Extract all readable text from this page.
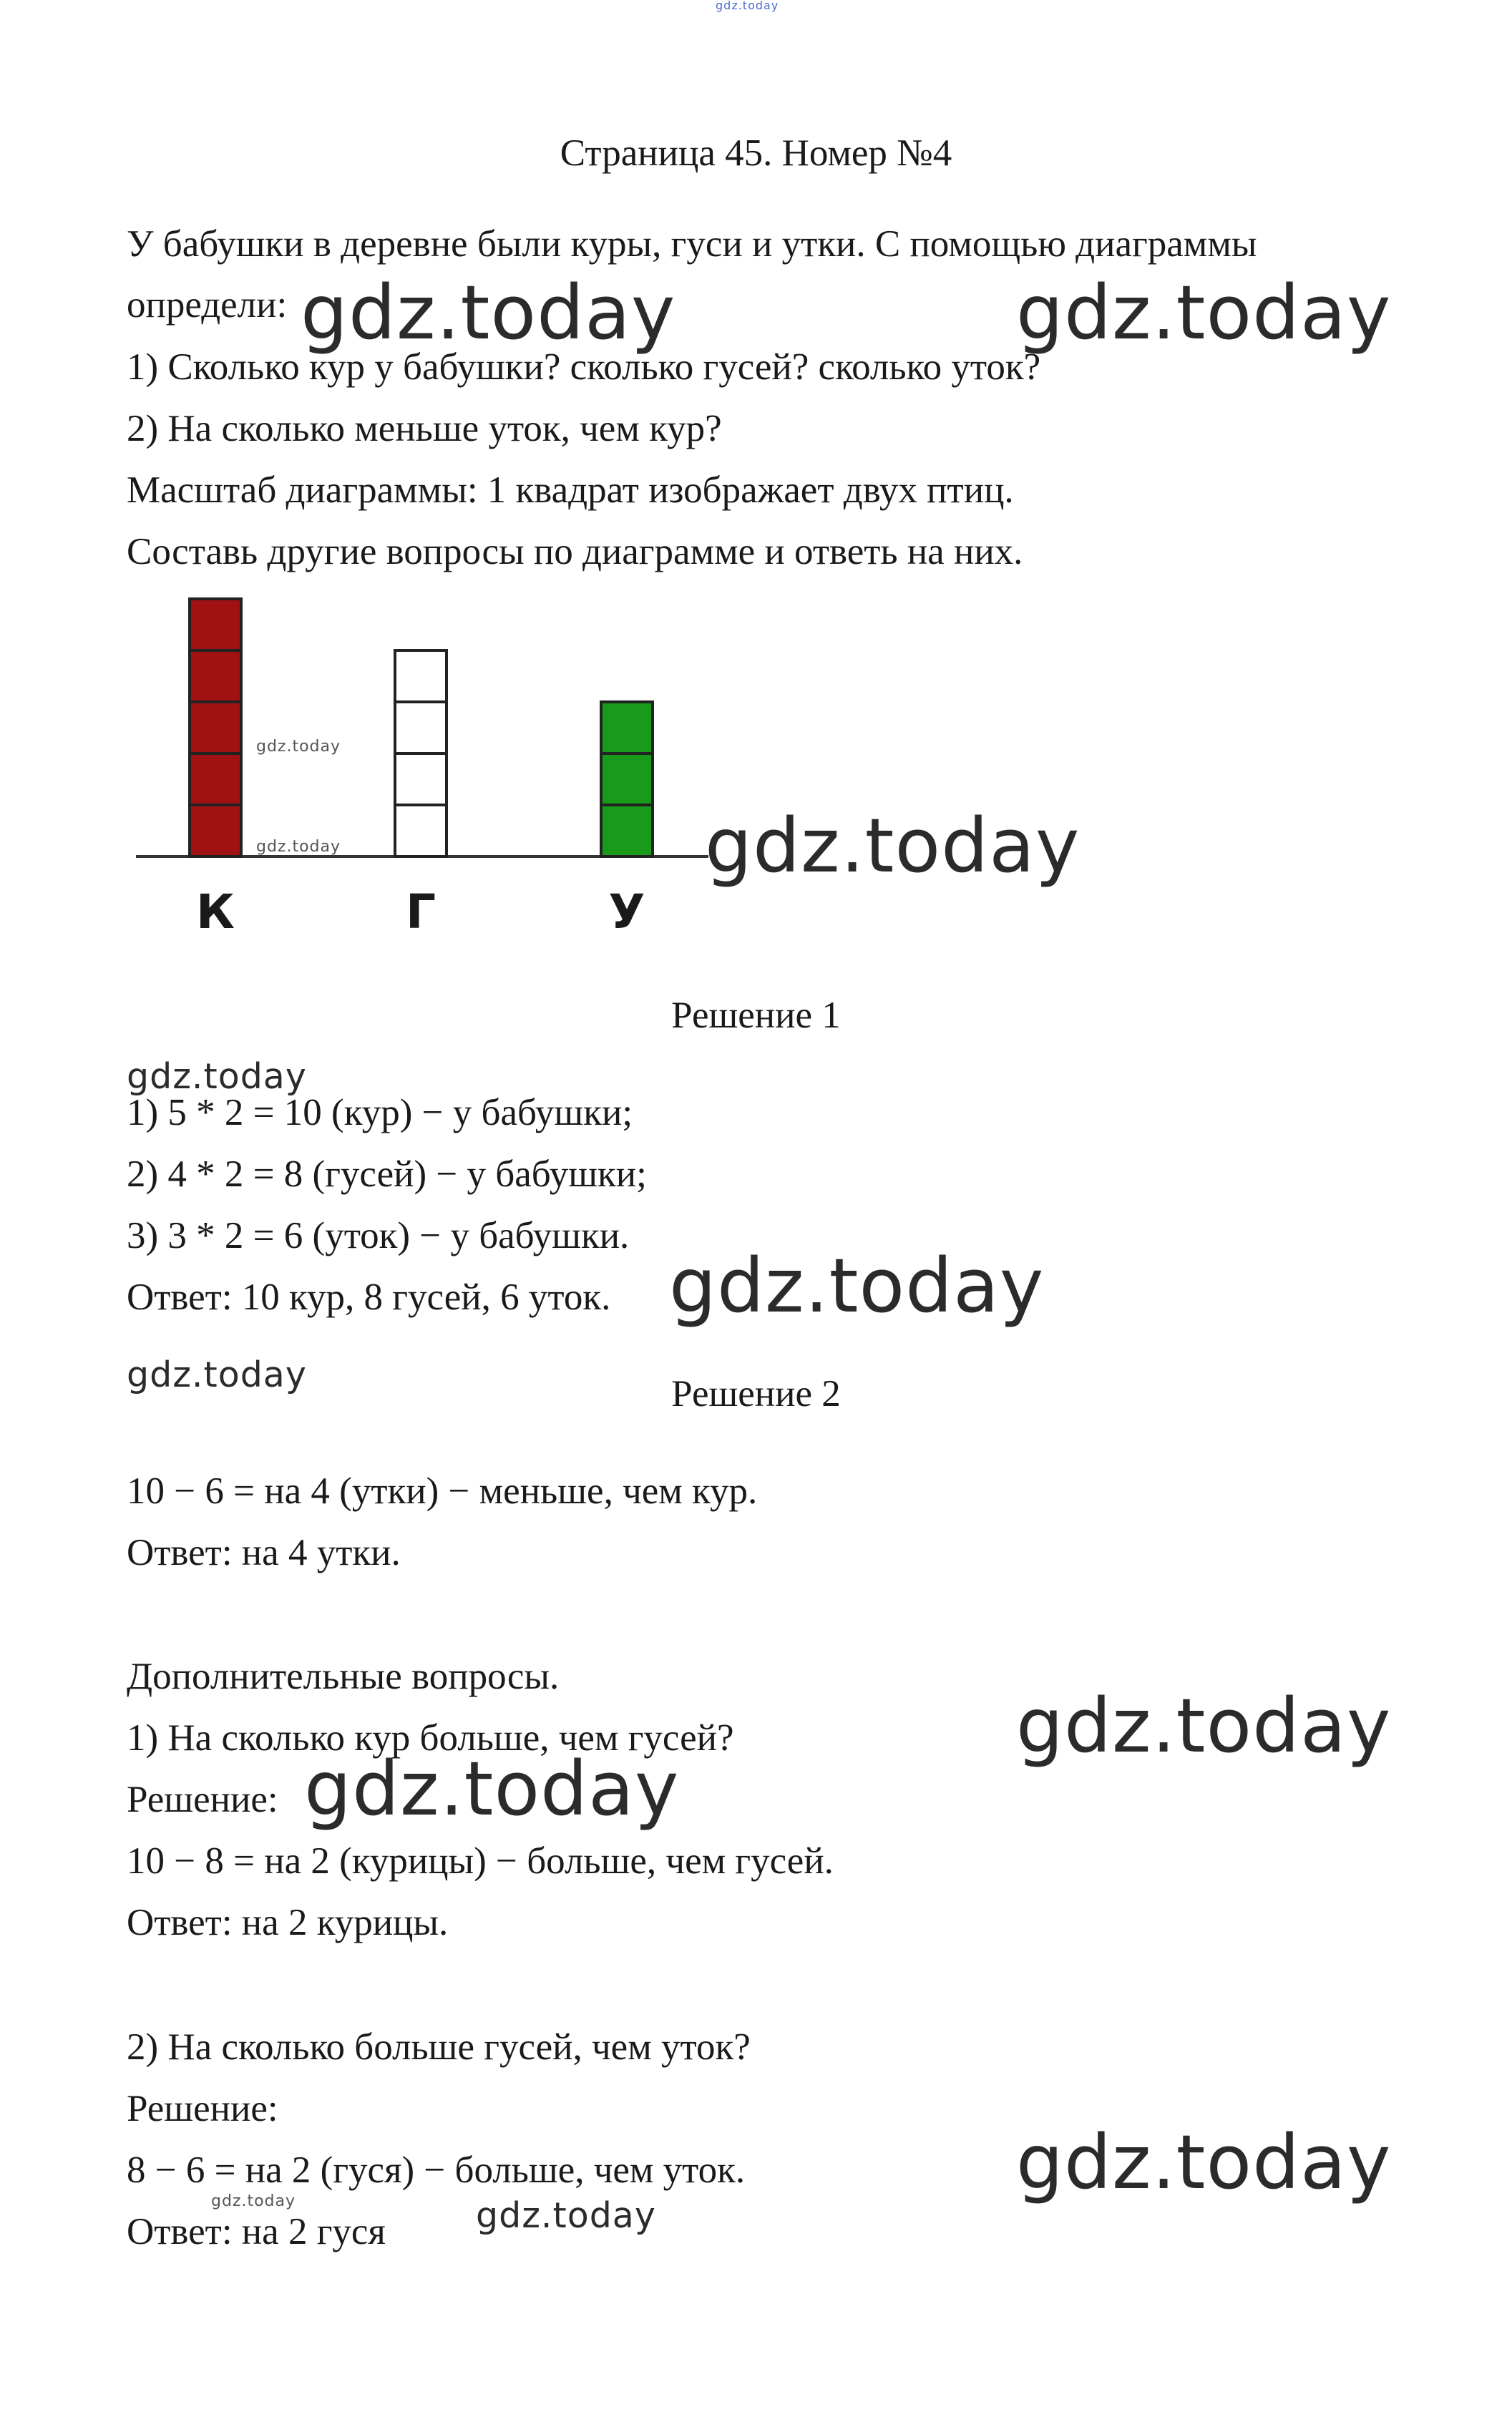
gdz.today
Страница 45. Номер №4
У бабушки в деревне были куры, гуси и утки. С помощью диаграммы
определи:
1) Сколько кур у бабушки? сколько гусей? сколько уток?
2) На сколько меньше уток, чем кур?
Масштаб диаграммы: 1 квадрат изображает двух птиц.
Составь другие вопросы по диаграмме и ответь на них.
gdz.today	gdz.today
К	Г	У
gdz.today
gdz.today	gdz.today
Решение 1
gdz.today
1) 5 * 2 = 10 (кур) − у бабушки;
2) 4 * 2 = 8 (гусей) − у бабушки;
3) 3 * 2 = 6 (уток) − у бабушки.
Ответ: 10 кур, 8 гусей, 6 уток. gdz.today
gdz.today	Решение 2
10 − 6 = на 4 (утки) − меньше, чем кур.
Ответ: на 4 утки.
Дополнительные вопросы.
1) На сколько кур больше, чем гусей?	gdz.today
Решение: gdz.today
10 − 8 = на 2 (курицы) − больше, чем гусей.
Ответ: на 2 курицы.
2) На сколько больше гусей, чем уток?
Решение:
8 − 6 = на 2 (гуся) − больше, чем уток.	gdz.today
gdz.today
Ответ: на 2 гуся	gdz.today
